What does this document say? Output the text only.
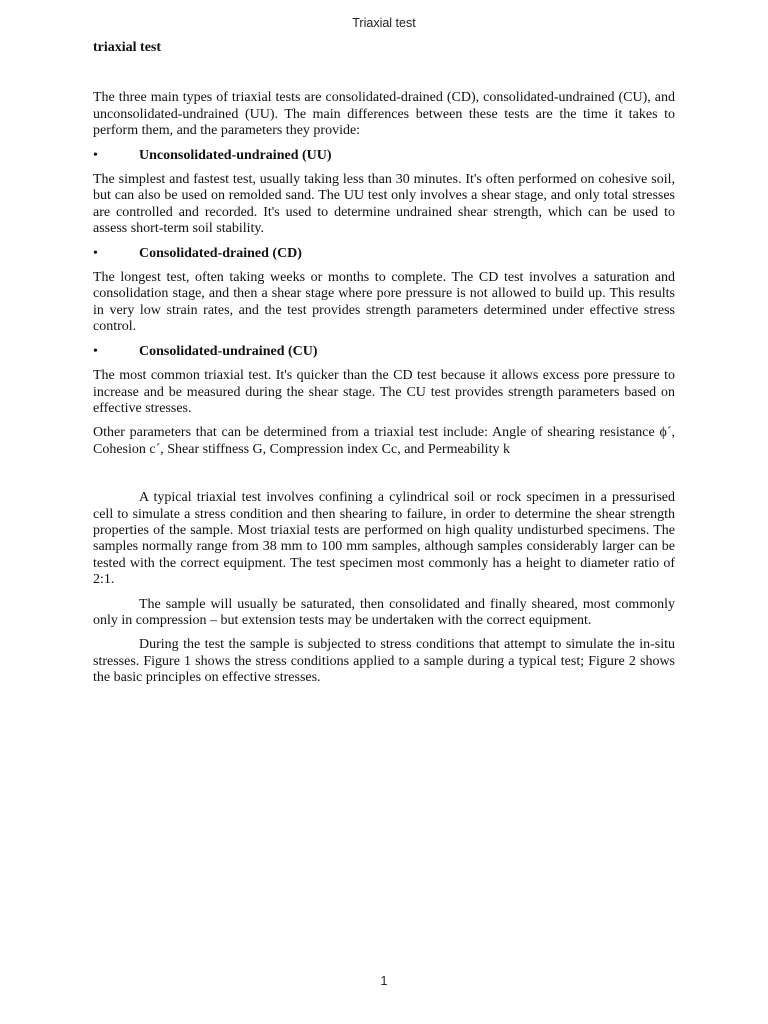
Triaxial test
triaxial test

The three main types of triaxial tests are consolidated-drained (CD), consolidated-undrained (CU), and unconsolidated-undrained (UU). The main differences between these tests are the time it takes to perform them, and the parameters they provide:

•	Unconsolidated-undrained (UU)

The simplest and fastest test, usually taking less than 30 minutes. It's often performed on cohesive soil, but can also be used on remolded sand. The UU test only involves a shear stage, and only total stresses are controlled and recorded. It's used to determine undrained shear strength, which can be used to assess short-term soil stability.

•	Consolidated-drained (CD)

The longest test, often taking weeks or months to complete. The CD test involves a saturation and consolidation stage, and then a shear stage where pore pressure is not allowed to build up. This results in very low strain rates, and the test provides strength parameters determined under effective stress control.

•	Consolidated-undrained (CU)

The most common triaxial test. It's quicker than the CD test because it allows excess pore pressure to increase and be measured during the shear stage. The CU test provides strength parameters based on effective stresses.

Other parameters that can be determined from a triaxial test include: Angle of shearing resistance ϕ´, Cohesion c´, Shear stiffness G, Compression index Cc, and Permeability k

A typical triaxial test involves confining a cylindrical soil or rock specimen in a pressurised cell to simulate a stress condition and then shearing to failure, in order to determine the shear strength properties of the sample. Most triaxial tests are performed on high quality undisturbed specimens. The samples normally range from 38 mm to 100 mm samples, although samples considerably larger can be tested with the correct equipment. The test specimen most commonly has a height to diameter ratio of 2:1.

The sample will usually be saturated, then consolidated and finally sheared, most commonly only in compression – but extension tests may be undertaken with the correct equipment.

During the test the sample is subjected to stress conditions that attempt to simulate the in-situ stresses. Figure 1 shows the stress conditions applied to a sample during a typical test; Figure 2 shows the basic principles on effective stresses.

1
